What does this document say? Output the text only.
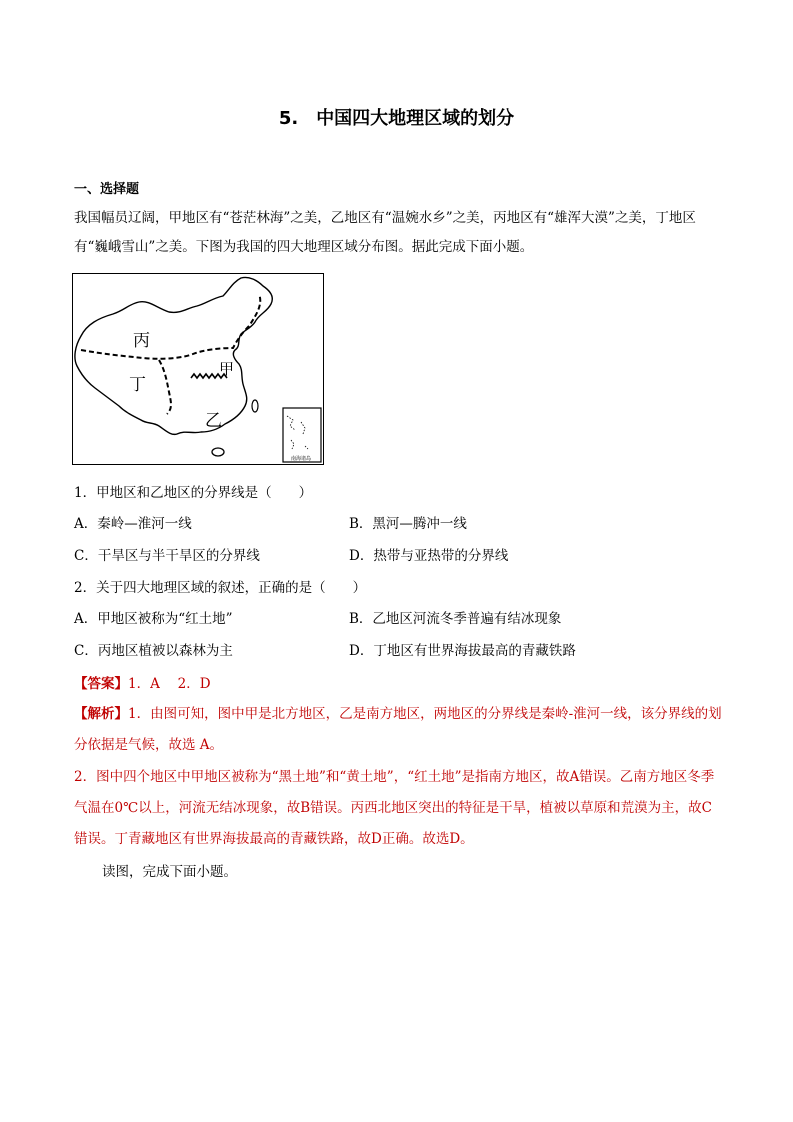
5. 中国四大地理区域的划分
一、选择题
我国幅员辽阔，甲地区有“苍茫林海”之美，乙地区有“温婉水乡”之美，丙地区有“雄浑大漠”之美，丁地区有“巍峨雪山”之美。下图为我国的四大地理区域分布图。据此完成下面小题。
丙
丁
甲
乙
南海诸岛
1．甲地区和乙地区的分界线是（　　）
A．秦岭—淮河一线	B．黑河—腾冲一线
C．干旱区与半干旱区的分界线	D．热带与亚热带的分界线
2．关于四大地理区域的叙述，正确的是（　　）
A．甲地区被称为“红土地”	B．乙地区河流冬季普遍有结冰现象
C．丙地区植被以森林为主	D．丁地区有世界海拔最高的青藏铁路
【答案】1．A　 2．D
【解析】1．由图可知，图中甲是北方地区，乙是南方地区，两地区的分界线是秦岭-淮河一线，该分界线的划分依据是气候，故选 A。
2．图中四个地区中甲地区被称为“黑土地”和“黄土地”，“红土地”是指南方地区，故A错误。乙南方地区冬季气温在0℃以上，河流无结冰现象，故B错误。丙西北地区突出的特征是干旱，植被以草原和荒漠为主，故C错误。丁青藏地区有世界海拔最高的青藏铁路，故D正确。故选D。
读图，完成下面小题。
